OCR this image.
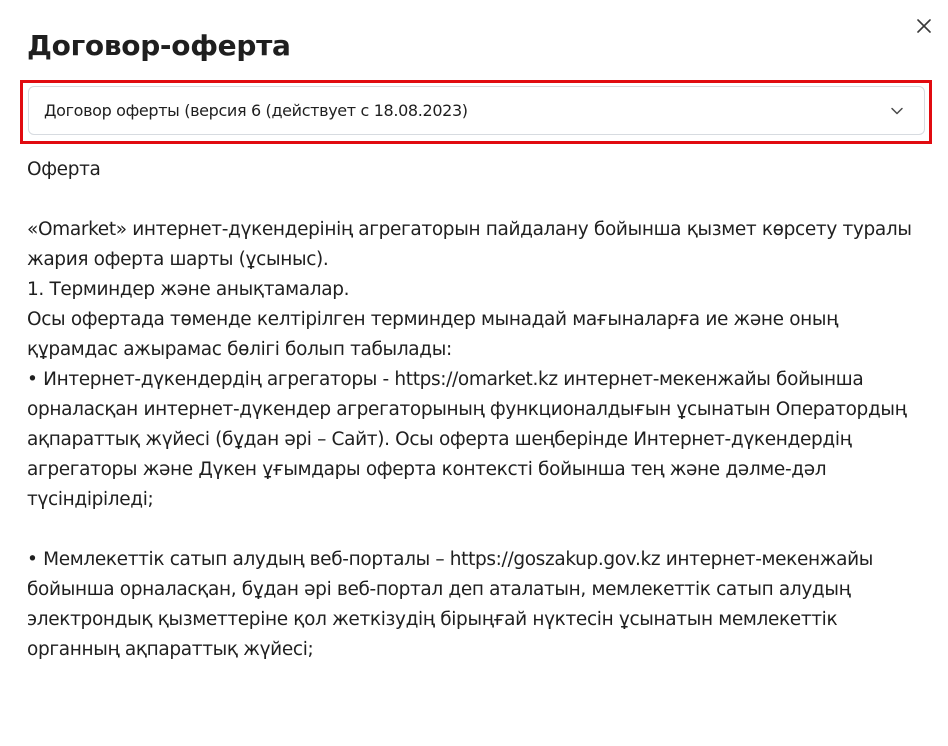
Договор-оферта
Договор оферты (версия 6 (действует с 18.08.2023)

Оферта

«Omarket» интернет-дүкендерінің агрегаторын пайдалану бойынша қызмет көрсету туралы жария оферта шарты (ұсыныс).

1. Терминдер және анықтамалар.

Осы офертада төменде келтірілген терминдер мынадай мағыналарға ие және оның құрамдас ажырамас бөлігі болып табылады:

• Интернет-дүкендердің агрегаторы - https://omarket.kz интернет-мекенжайы бойынша орналасқан интернет-дүкендер агрегаторының функционалдығын ұсынатын Оператордың ақпараттық жүйесі (бұдан әрі – Сайт). Осы оферта шеңберінде Интернет-дүкендердің агрегаторы және Дүкен ұғымдары оферта контексті бойынша тең және дәлме-дәл түсіндіріледі;

• Мемлекеттік сатып алудың веб-порталы – https://goszakup.gov.kz интернет-мекенжайы бойынша орналасқан, бұдан әрі веб-портал деп аталатын, мемлекеттік сатып алудың электрондық қызметтеріне қол жеткізудің бірыңғай нүктесін ұсынатын мемлекеттік органның ақпараттық жүйесі;
